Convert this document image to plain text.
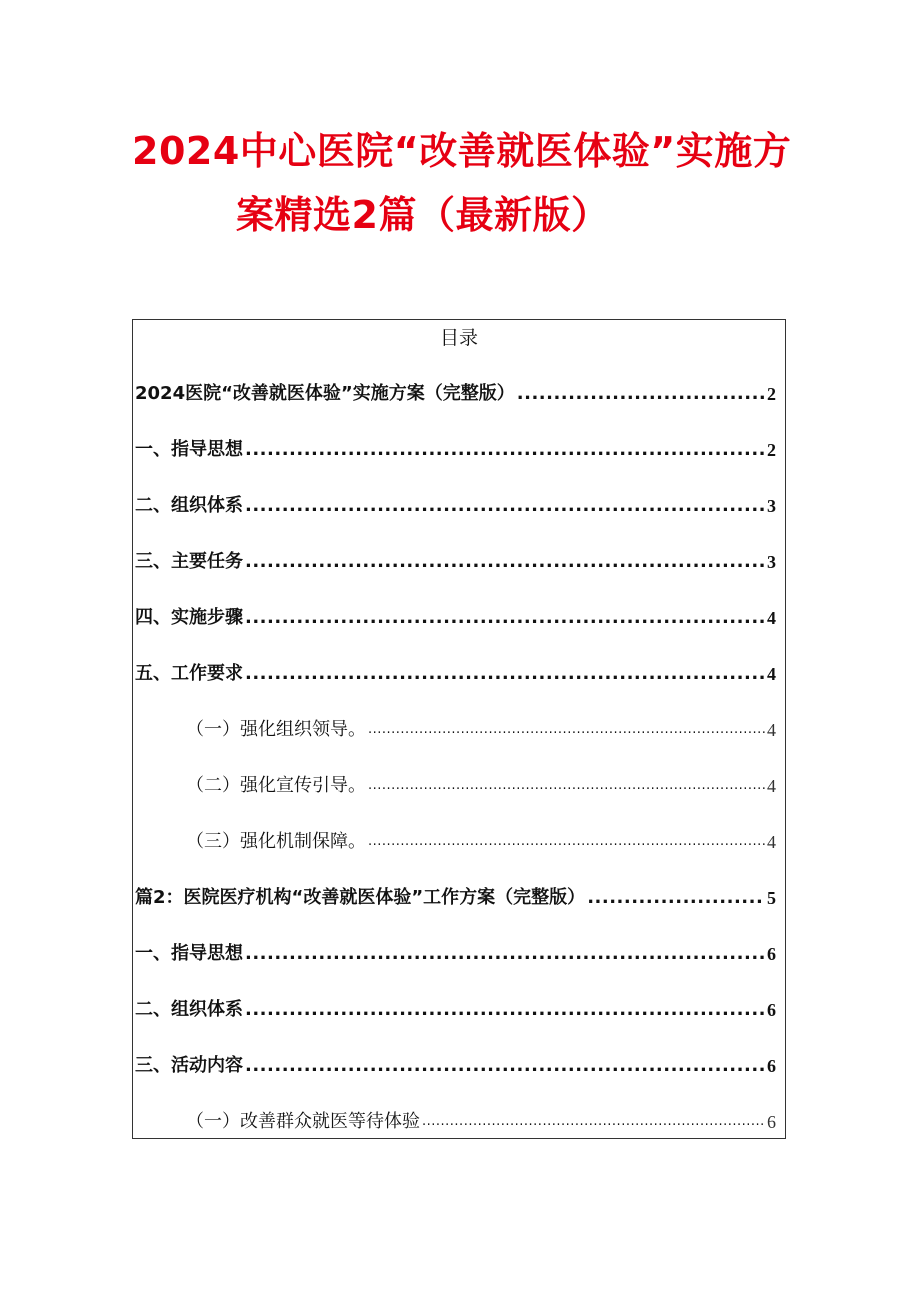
2024中心医院“改善就医体验”实施方
案精选2篇（最新版）
目录
2024医院“改善就医体验”实施方案（完整版） .....	2
一、指导思想 .....	2
二、组织体系 .....	3
三、主要任务 .....	3
四、实施步骤 .....	4
五、工作要求 .....	4
（一）强化组织领导。 .....	4
（二）强化宣传引导。 .....	4
（三）强化机制保障。 .....	4
篇2：医院医疗机构“改善就医体验”工作方案（完整版） .....	5
一、指导思想 .....	6
二、组织体系 .....	6
三、活动内容 .....	6
（一）改善群众就医等待体验 .....	6
